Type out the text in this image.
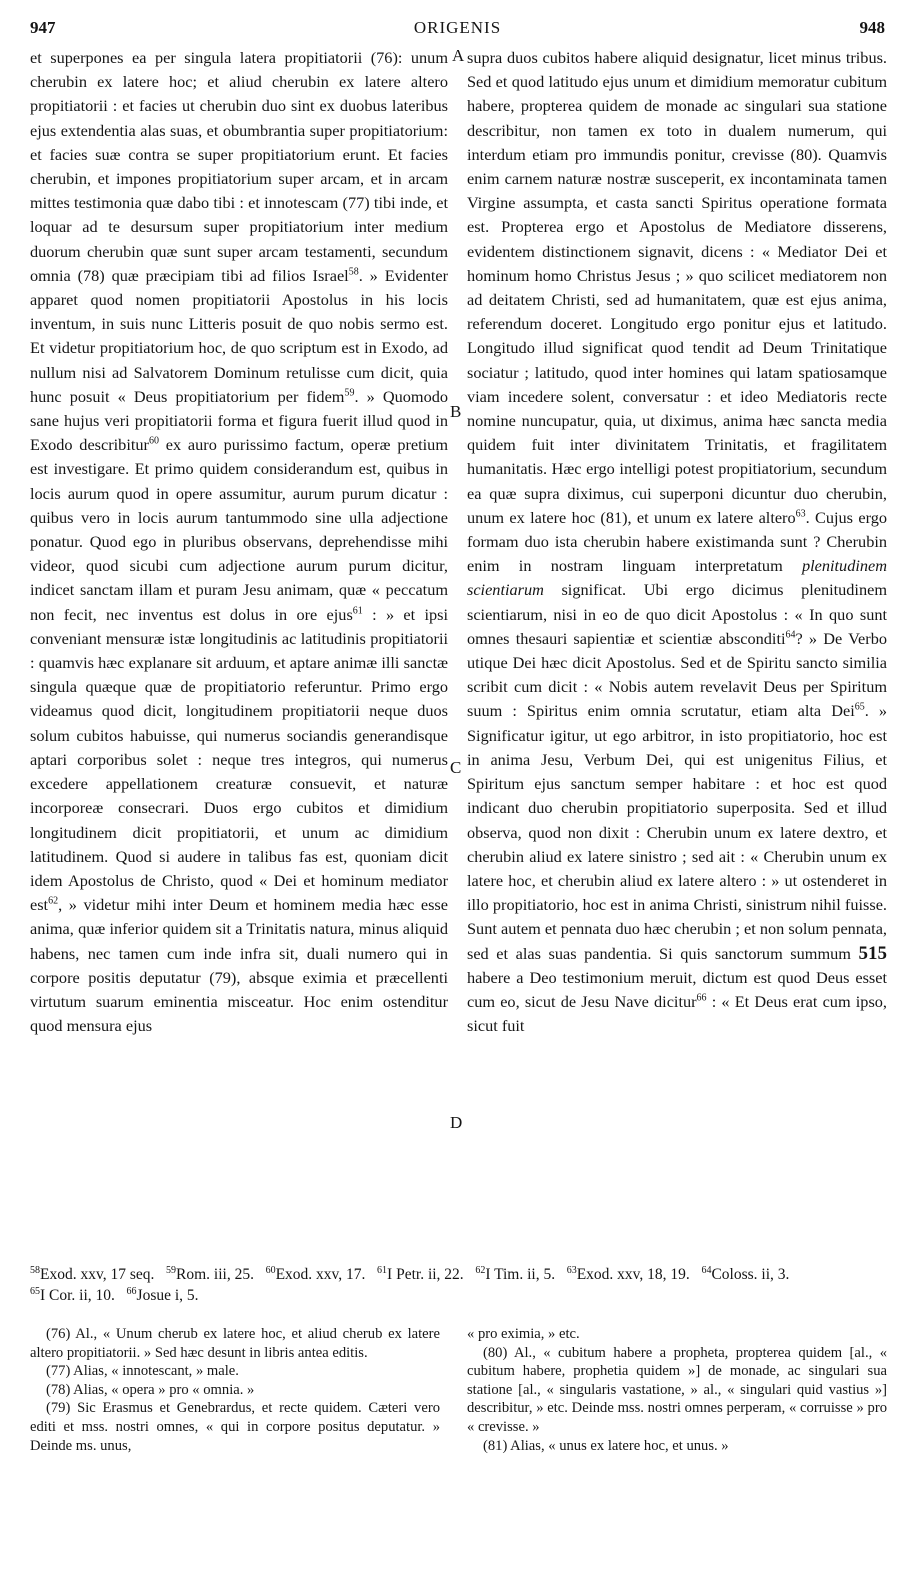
947	ORIGENIS	948

et superpones ea per singula latera propitiatorii (76): unum cherubin ex latere hoc; et aliud cherubin ex latere altero propitiatorii : et facies ut cherubin duo sint ex duobus lateribus ejus extendentia alas suas, et obumbrantia super propitiatorium: et facies suæ contra se super propitiatorium erunt. Et facies cherubin, et impones propitiatorium super arcam, et in arcam mittes testimonia quæ dabo tibi : et innotescam (77) tibi inde, et loquar ad te desursum super propitiatorium inter medium duorum cherubin quæ sunt super arcam testamenti, secundum omnia (78) quæ præcipiam tibi ad filios Israel$^{58}$. » Evidenter apparet quod nomen propitiatorii Apostolus in his locis inventum, in suis nunc Litteris posuit de quo nobis sermo est. Et videtur propitiatorium hoc, de quo scriptum est in Exodo, ad nullum nisi ad Salvatorem Dominum retulisse cum dicit, quia hunc posuit « Deus propitiatorium per fidem$^{59}$. » Quomodo sane hujus veri propitiatorii forma et figura fuerit illud quod in Exodo describitur$^{60}$ ex auro purissimo factum, operæ pretium est investigare. Et primo quidem considerandum est, quibus in locis aurum quod in opere assumitur, aurum purum dicatur : quibus vero in locis aurum tantummodo sine ulla adjectione ponatur. Quod ego in pluribus observans, deprehendisse mihi videor, quod sicubi cum adjectione aurum purum dicitur, indicet sanctam illam et puram Jesu animam, quæ « peccatum non fecit, nec inventus est dolus in ore ejus$^{61}$ : » et ipsi conveniant mensuræ istæ longitudinis ac latitudinis propitiatorii : quamvis hæc explanare sit arduum, et aptare animæ illi sanctæ singula quæque quæ de propitiatorio referuntur. Primo ergo videamus quod dicit, longitudinem propitiatorii neque duos solum cubitos habuisse, qui numerus sociandis generandisque aptari corporibus solet : neque tres integros, qui numerus excedere appellationem creaturæ consuevit, et naturæ incorporeæ consecrari. Duos ergo cubitos et dimidium longitudinem dicit propitiatorii, et unum ac dimidium latitudinem. Quod si audere in talibus fas est, quoniam dicit idem Apostolus de Christo, quod « Dei et hominum mediator est$^{62}$, » videtur mihi inter Deum et hominem media hæc esse anima, quæ inferior quidem sit a Trinitatis natura, minus aliquid habens, nec tamen cum inde infra sit, duali numero qui in corpore positis deputatur (79), absque eximia et præcellenti virtutum suarum eminentia misceatur. Hoc enim ostenditur quod mensura ejus

A
B
C
D

supra duos cubitos habere aliquid designatur, licet minus tribus. Sed et quod latitudo ejus unum et dimidium memoratur cubitum habere, propterea quidem de monade ac singulari sua statione describitur, non tamen ex toto in dualem numerum, qui interdum etiam pro immundis ponitur, crevisse (80). Quamvis enim carnem naturæ nostræ susceperit, ex incontaminata tamen Virgine assumpta, et casta sancti Spiritus operatione formata est. Propterea ergo et Apostolus de Mediatore disserens, evidentem distinctionem signavit, dicens : « Mediator Dei et hominum homo Christus Jesus ; » quo scilicet mediatorem non ad deitatem Christi, sed ad humanitatem, quæ est ejus anima, referendum doceret. Longitudo ergo ponitur ejus et latitudo. Longitudo illud significat quod tendit ad Deum Trinitatique sociatur ; latitudo, quod inter homines qui latam spatiosamque viam incedere solent, conversatur : et ideo Mediatoris recte nomine nuncupatur, quia, ut diximus, anima hæc sancta media quidem fuit inter divinitatem Trinitatis, et fragilitatem humanitatis. Hæc ergo intelligi potest propitiatorium, secundum ea quæ supra diximus, cui superponi dicuntur duo cherubin, unum ex latere hoc (81), et unum ex latere altero$^{63}$. Cujus ergo formam duo ista cherubin habere existimanda sunt ? Cherubin enim in nostram linguam interpretatum plenitudinem scientiarum significat. Ubi ergo dicimus plenitudinem scientiarum, nisi in eo de quo dicit Apostolus : « In quo sunt omnes thesauri sapientiæ et scientiæ absconditi$^{64}$? » De Verbo utique Dei hæc dicit Apostolus. Sed et de Spiritu sancto similia scribit cum dicit : « Nobis autem revelavit Deus per Spiritum suum : Spiritus enim omnia scrutatur, etiam alta Dei$^{65}$. » Significatur igitur, ut ego arbitror, in isto propitiatorio, hoc est in anima Jesu, Verbum Dei, qui est unigenitus Filius, et Spiritum ejus sanctum semper habitare : et hoc est quod indicant duo cherubin propitiatorio superposita. Sed et illud observa, quod non dixit : Cherubin unum ex latere dextro, et cherubin aliud ex latere sinistro ; sed ait : « Cherubin unum ex latere hoc, et cherubin aliud ex latere altero : » ut ostenderet in illo propitiatorio, hoc est in anima Christi, sinistrum nihil fuisse. Sunt autem et pennata duo hæc cherubin ; et non solum pennata, sed et alas suas pandentia. Si quis sanctorum summum 515 habere a Deo testimonium meruit, dictum est quod Deus esset cum eo, sicut de Jesu Nave dicitur$^{66}$ : « Et Deus erat cum ipso, sicut fuit

$^{58}$Exod. xxv, 17 seq. $^{59}$Rom. iii, 25. $^{60}$Exod. xxv, 17. $^{61}$I Petr. ii, 22. $^{62}$I Tim. ii, 5. $^{63}$Exod. xxv, 18, 19. $^{64}$Coloss. ii, 3.   $^{65}$I Cor. ii, 10. $^{66}$Josue i, 5.

(76) Al., « Unum cherub ex latere hoc, et aliud cherub ex latere altero propitiatorii. » Sed hæc desunt in libris antea editis.

(77) Alias, « innotescant, » male.

(78) Alias, « opera » pro « omnia. »

(79) Sic Erasmus et Genebrardus, et recte quidem. Cæteri vero editi et mss. nostri omnes, « qui in corpore positus deputatur. » Deinde ms. unus,

« pro eximia, » etc.

(80) Al., « cubitum habere a propheta, propterea quidem [al., « cubitum habere, prophetia quidem »] de monade, ac singulari sua statione [al., « singularis vastatione, » al., « singulari quid vastius »] describitur, » etc. Deinde mss. nostri omnes perperam, « corruisse » pro « crevisse. »

(81) Alias, « unus ex latere hoc, et unus. »
